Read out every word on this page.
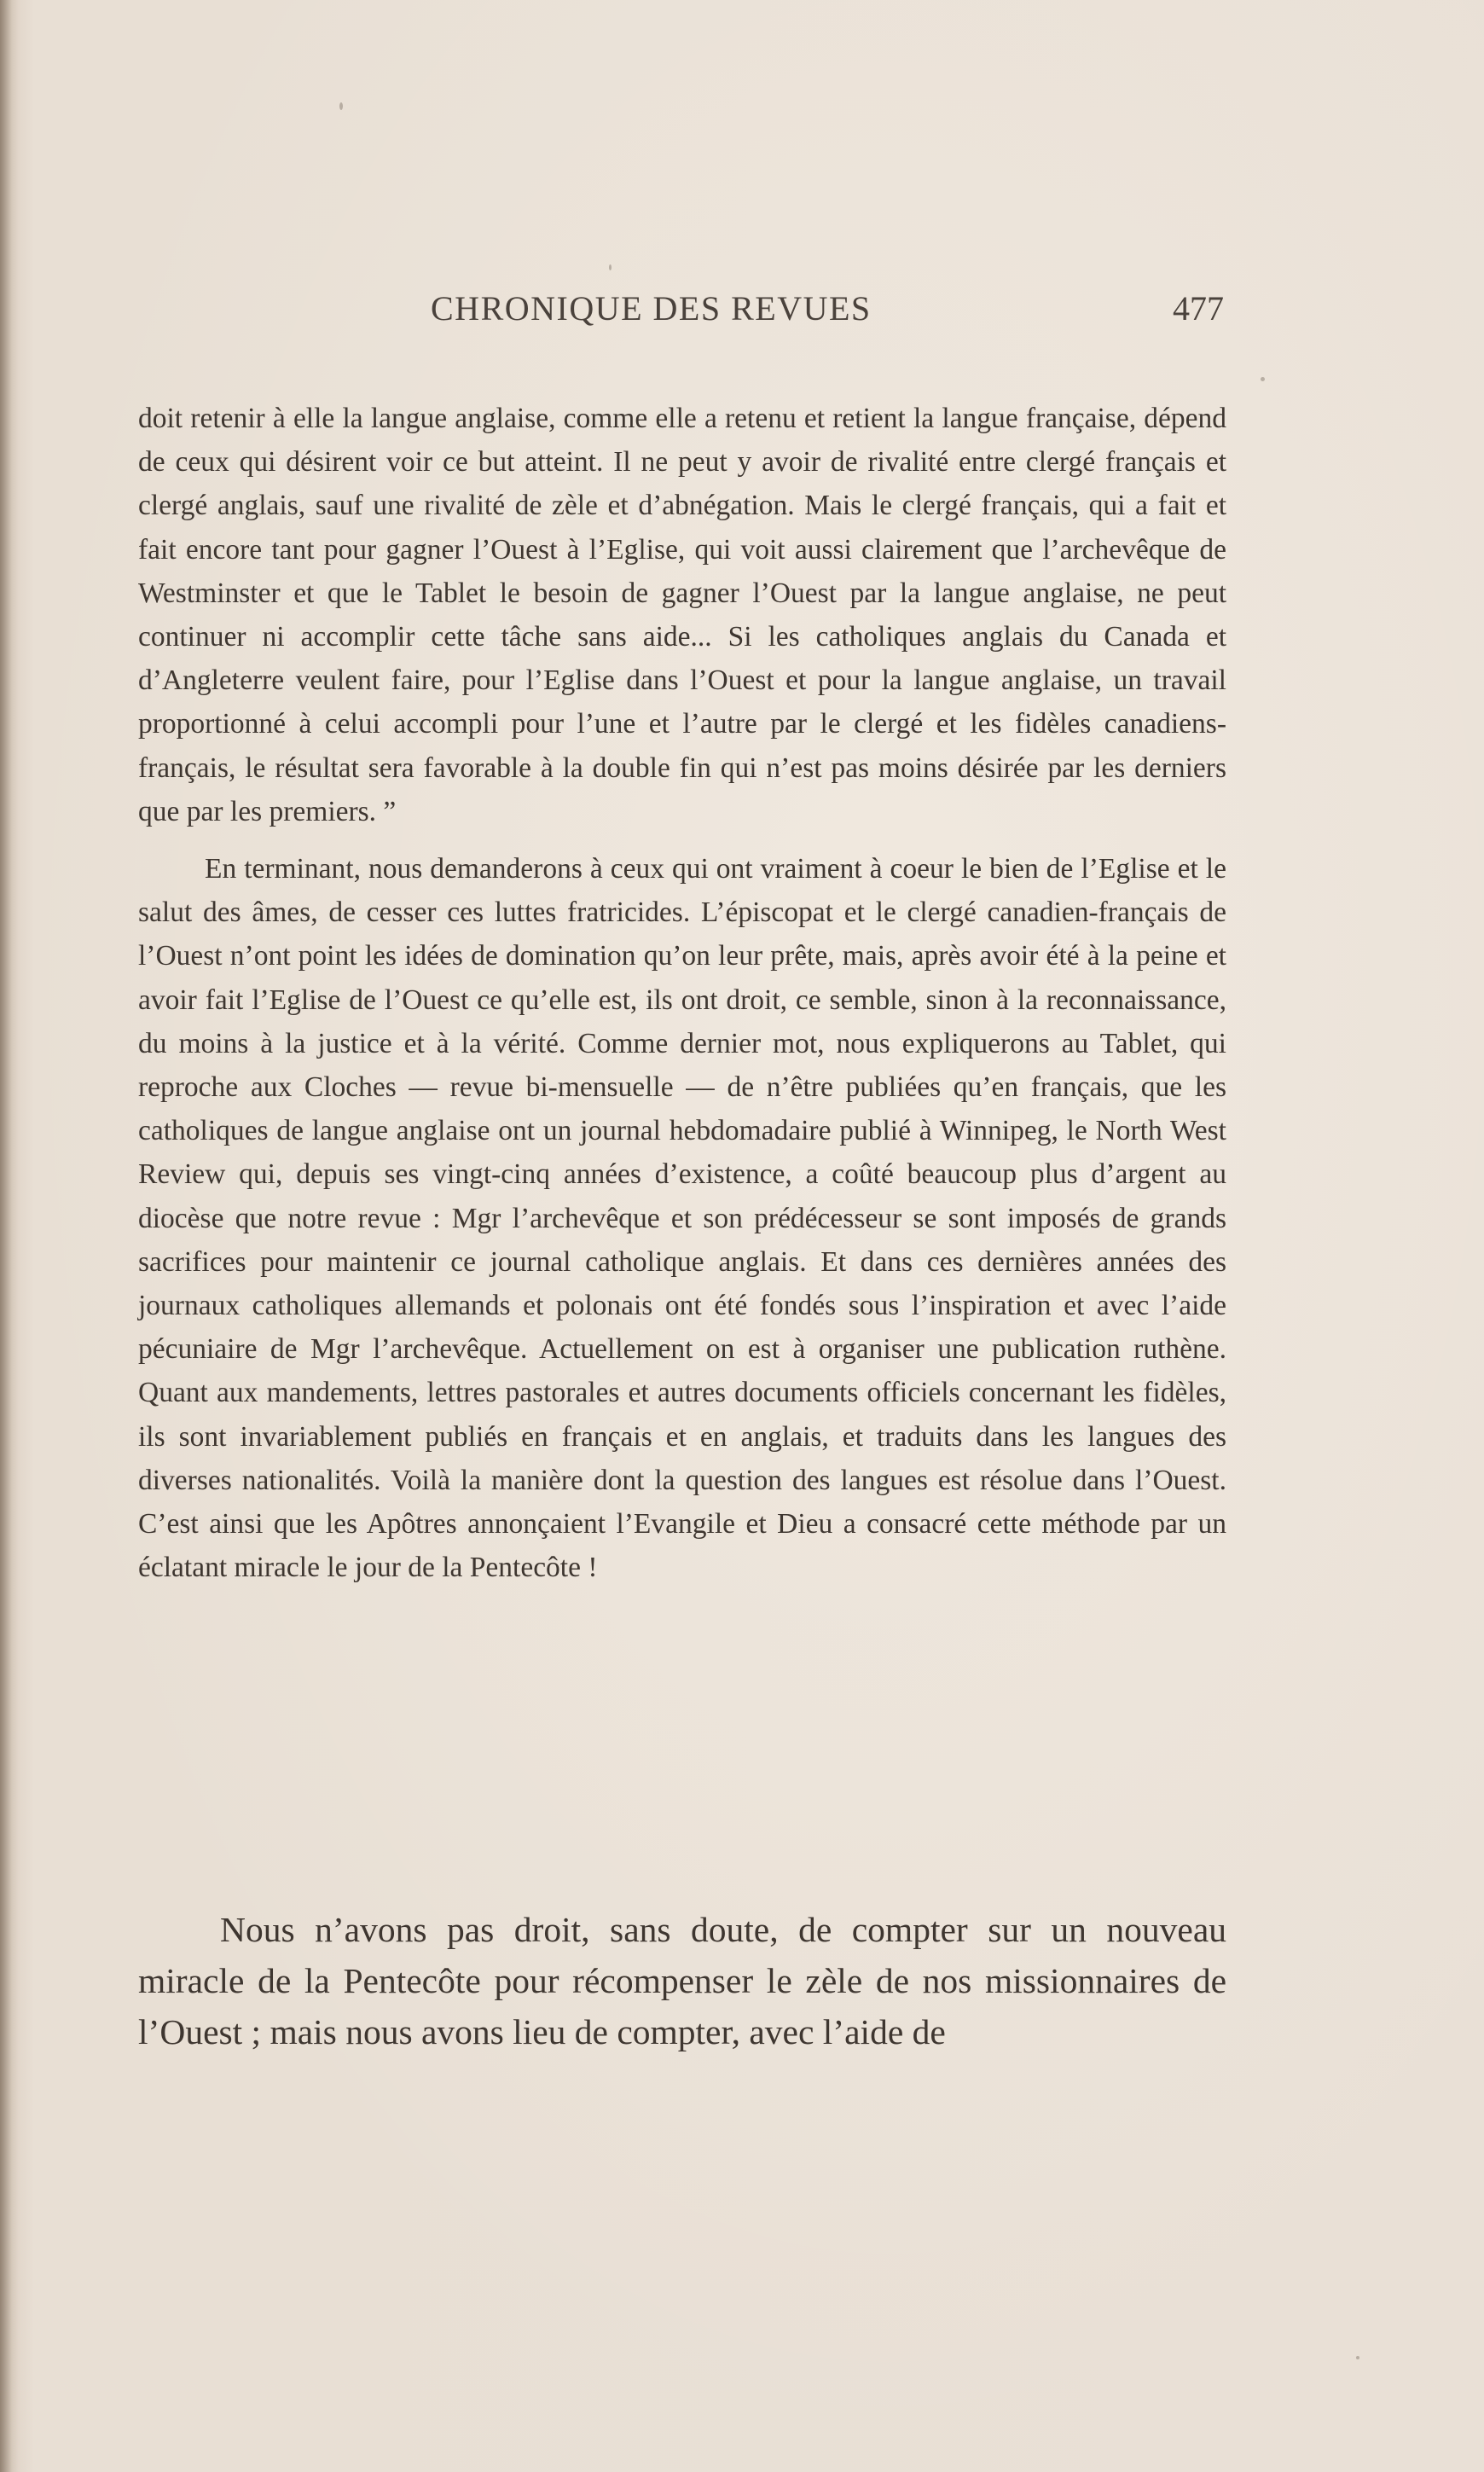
CHRONIQUE DES REVUES	477

doit retenir à elle la langue anglaise, comme elle a retenu et retient la langue française, dépend de ceux qui désirent voir ce but atteint. Il ne peut y avoir de rivalité entre clergé français et clergé anglais, sauf une rivalité de zèle et d’abnégation. Mais le clergé français, qui a fait et fait encore tant pour gagner l’Ouest à l’Eglise, qui voit aussi clairement que l’archevêque de Westminster et que le Tablet le besoin de gagner l’Ouest par la langue anglaise, ne peut continuer ni accomplir cette tâche sans aide... Si les catholiques anglais du Canada et d’Angleterre veulent faire, pour l’Eglise dans l’Ouest et pour la langue anglaise, un travail proportionné à celui accompli pour l’une et l’autre par le clergé et les fidèles canadiens-français, le résultat sera favorable à la double fin qui n’est pas moins désirée par les derniers que par les premiers. ”

En terminant, nous demanderons à ceux qui ont vraiment à coeur le bien de l’Eglise et le salut des âmes, de cesser ces luttes fratricides. L’épiscopat et le clergé canadien-français de l’Ouest n’ont point les idées de domination qu’on leur prête, mais, après avoir été à la peine et avoir fait l’Eglise de l’Ouest ce qu’elle est, ils ont droit, ce semble, sinon à la reconnaissance, du moins à la justice et à la vérité. Comme dernier mot, nous expliquerons au Tablet, qui reproche aux Cloches — revue bi-mensuelle — de n’être publiées qu’en français, que les catholiques de langue anglaise ont un journal hebdomadaire publié à Winnipeg, le North West Review qui, depuis ses vingt-cinq années d’existence, a coûté beaucoup plus d’argent au diocèse que notre revue : Mgr l’archevêque et son prédécesseur se sont imposés de grands sacrifices pour maintenir ce journal catholique anglais. Et dans ces dernières années des journaux catholiques allemands et polonais ont été fondés sous l’inspiration et avec l’aide pécuniaire de Mgr l’archevêque. Actuellement on est à organiser une publication ruthène. Quant aux mandements, lettres pastorales et autres documents officiels concernant les fidèles, ils sont invariablement publiés en français et en anglais, et traduits dans les langues des diverses nationalités. Voilà la manière dont la question des langues est résolue dans l’Ouest. C’est ainsi que les Apôtres annonçaient l’Evangile et Dieu a consacré cette méthode par un éclatant miracle le jour de la Pentecôte !

Nous n’avons pas droit, sans doute, de compter sur un nouveau miracle de la Pentecôte pour récompenser le zèle de nos missionnaires de l’Ouest ; mais nous avons lieu de compter, avec l’aide de
